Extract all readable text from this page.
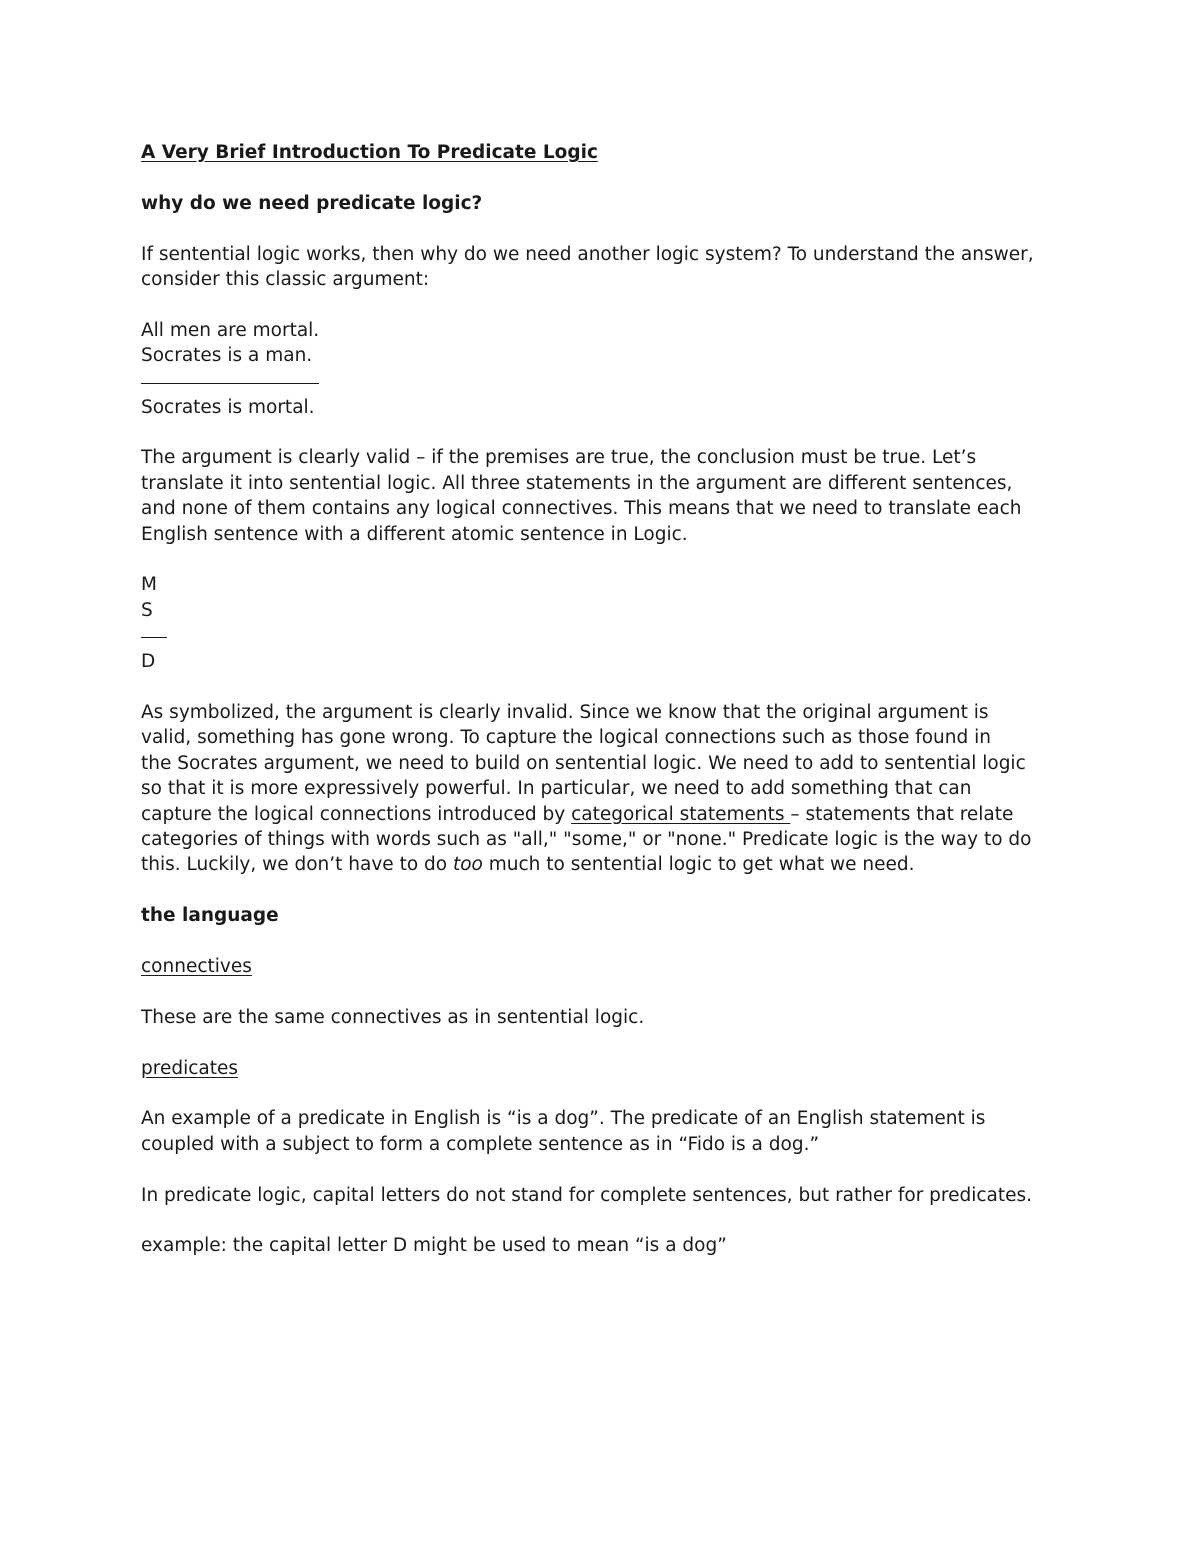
A Very Brief Introduction To Predicate Logic
why do we need predicate logic?
If sentential logic works, then why do we need another logic system? To understand the answer,
consider this classic argument:
All men are mortal.
Socrates is a man.
Socrates is mortal.
The argument is clearly valid – if the premises are true, the conclusion must be true. Let’s
translate it into sentential logic. All three statements in the argument are different sentences,
and none of them contains any logical connectives. This means that we need to translate each
English sentence with a different atomic sentence in Logic.
M
S
D
As symbolized, the argument is clearly invalid. Since we know that the original argument is
valid, something has gone wrong. To capture the logical connections such as those found in
the Socrates argument, we need to build on sentential logic. We need to add to sentential logic
so that it is more expressively powerful. In particular, we need to add something that can
capture the logical connections introduced by categorical statements – statements that relate
categories of things with words such as "all," "some," or "none." Predicate logic is the way to do
this. Luckily, we don’t have to do too much to sentential logic to get what we need.
the language
connectives
These are the same connectives as in sentential logic.
predicates
An example of a predicate in English is “is a dog”. The predicate of an English statement is
coupled with a subject to form a complete sentence as in “Fido is a dog.”
In predicate logic, capital letters do not stand for complete sentences, but rather for predicates.
example: the capital letter D might be used to mean “is a dog”
